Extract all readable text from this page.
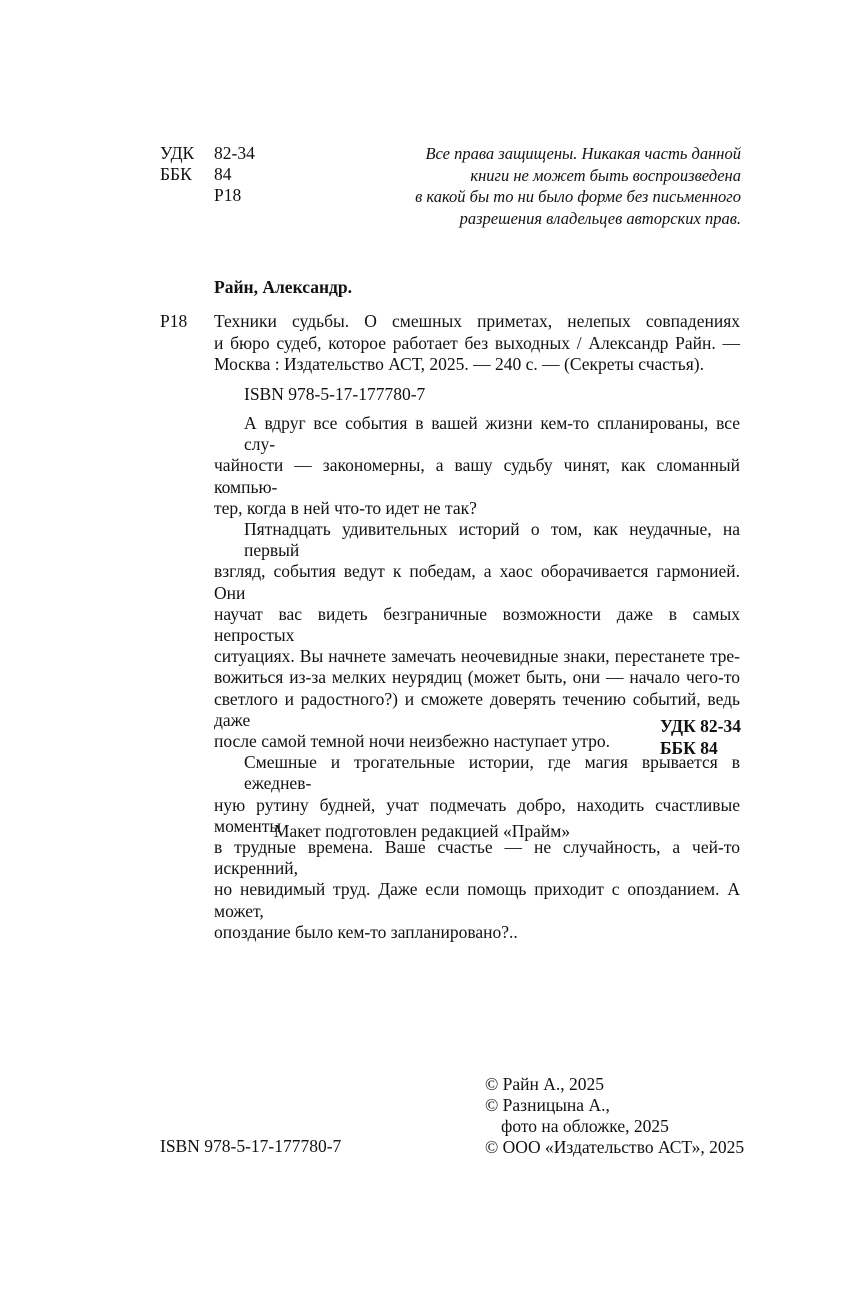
УДК
ББК
82-34
84
Р18
Все права защищены. Никакая часть данной
книги не может быть воспроизведена
в какой бы то ни было форме без письменного
разрешения владельцев авторских прав.
Райн, Александр.
Р18 Техники судьбы. О смешных приметах, нелепых совпадениях
и бюро судеб, которое работает без выходных / Александр Райн. —
Москва : Издательство АСТ, 2025. — 240 с. — (Секреты счастья).
ISBN 978-5-17-177780-7

А вдруг все события в вашей жизни кем-то спланированы, все слу-
чайности — закономерны, а вашу судьбу чинят, как сломанный компью-
тер, когда в ней что-то идет не так?

Пятнадцать удивительных историй о том, как неудачные, на первый
взгляд, события ведут к победам, а хаос оборачивается гармонией. Они
научат вас видеть безграничные возможности даже в самых непростых
ситуациях. Вы начнете замечать неочевидные знаки, перестанете тре-
вожиться из-за мелких неурядиц (может быть, они — начало чего-то
светлого и радостного?) и сможете доверять течению событий, ведь даже
после самой темной ночи неизбежно наступает утро.

Смешные и трогательные истории, где магия врывается в ежеднев-
ную рутину будней, учат подмечать добро, находить счастливые моменты
в трудные времена. Ваше счастье — не случайность, а чей-то искренний,
но невидимый труд. Даже если помощь приходит с опозданием. А может,
опоздание было кем-то запланировано?..

УДК 82-34
ББК 84
Макет подготовлен редакцией «Прайм»
ISBN 978-5-17-177780-7
© Райн А., 2025
© Разницына А.,
фото на обложке, 2025
© ООО «Издательство АСТ», 2025
